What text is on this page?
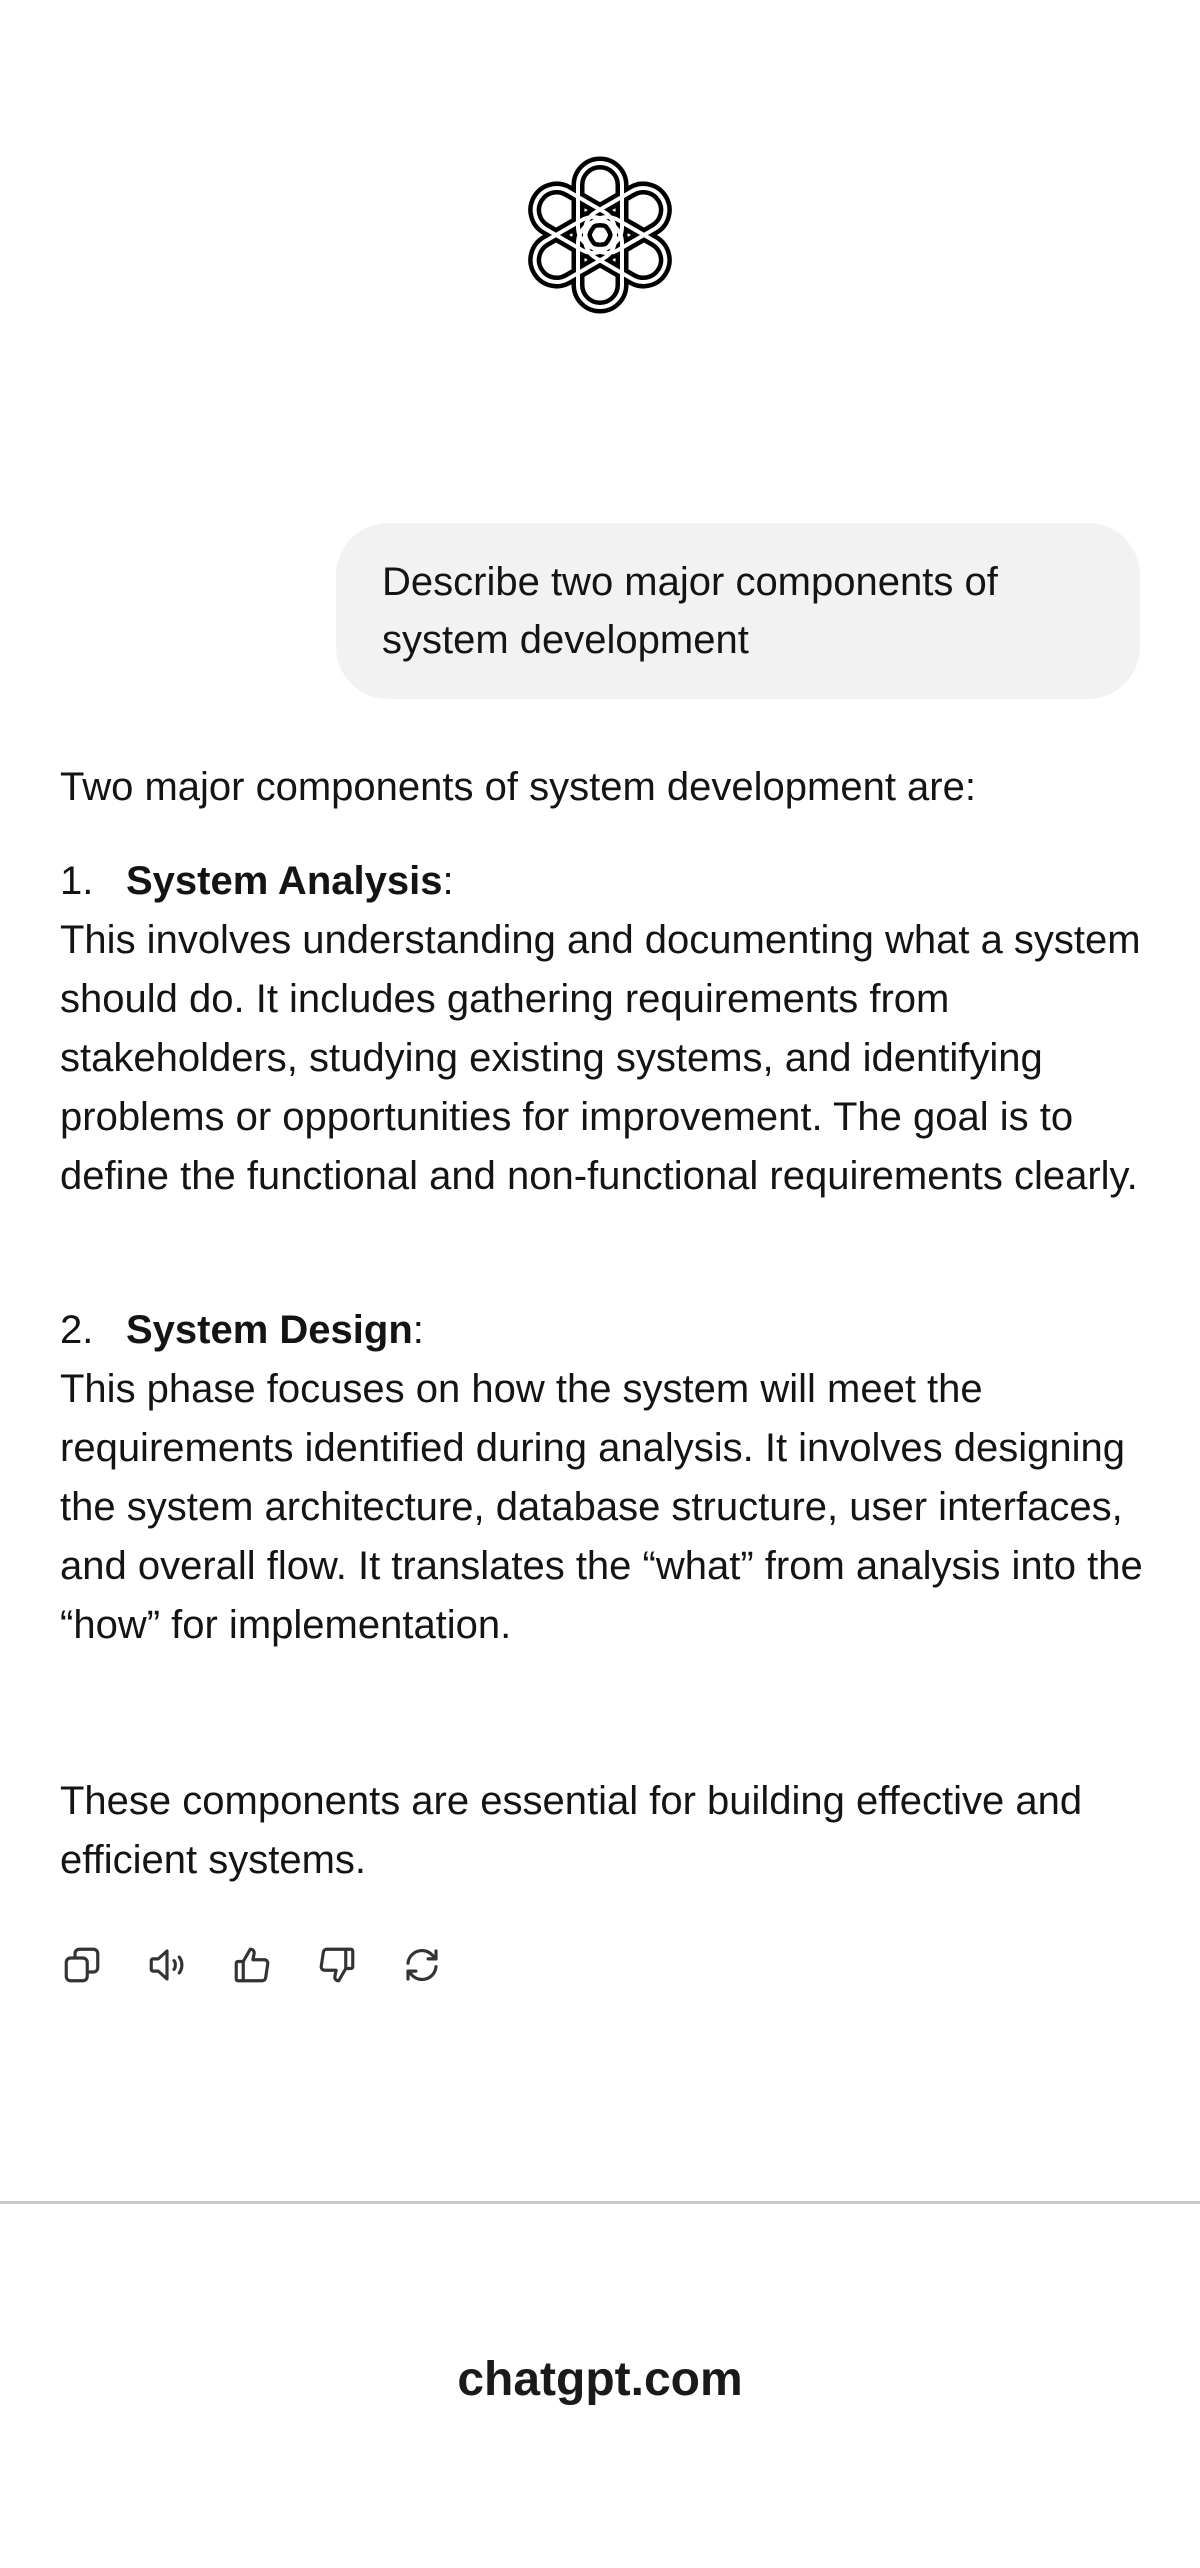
Describe two major components of system development

Two major components of system development are:

1. System Analysis:

This involves understanding and documenting what a system should do. It includes gathering requirements from stakeholders, studying existing systems, and identifying problems or opportunities for improvement. The goal is to define the functional and non-functional requirements clearly.

2. System Design:

This phase focuses on how the system will meet the requirements identified during analysis. It involves designing the system architecture, database structure, user interfaces, and overall flow. It translates the “what” from analysis into the “how” for implementation.

These components are essential for building effective and efficient systems.

chatgpt.com
